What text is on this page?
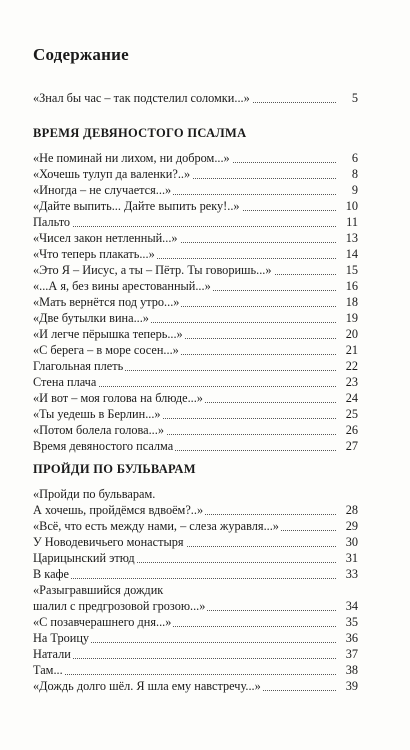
Содержание
«Знал бы час – так подстелил соломки...»	5
ВРЕМЯ ДЕВЯНОСТОГО ПСАЛМА
«Не поминай ни лихом, ни добром...»	6
«Хочешь тулуп да валенки?..»	8
«Иногда – не случается...»	9
«Дайте выпить... Дайте выпить реку!..»	10
Пальто	11
«Чисел закон нетленный...»	13
«Что теперь плакать...»	14
«Это Я – Иисус, а ты – Пётр. Ты говоришь...»	15
«...А я, без вины арестованный...»	16
«Мать вернётся под утро...»	18
«Две бутылки вина...»	19
«И легче пёрышка теперь...»	20
«С берега – в море сосен...»	21
Глагольная плеть	22
Стена плача	23
«И вот – моя голова на блюде...»	24
«Ты уедешь в Берлин...»	25
«Потом болела голова...»	26
Время девяностого псалма	27
ПРОЙДИ ПО БУЛЬВАРАМ
«Пройди по бульварам.
А хочешь, пройдёмся вдвоём?..»	28
«Всё, что есть между нами, – слеза журавля...»	29
У Новодевичьего монастыря	30
Царицынский этюд	31
В кафе	33
«Разыгравшийся дождик
шалил с предгрозовой грозою...»	34
«С позавчерашнего дня...»	35
На Троицу	36
Натали	37
Там...	38
«Дождь долго шёл. Я шла ему навстречу...»	39
